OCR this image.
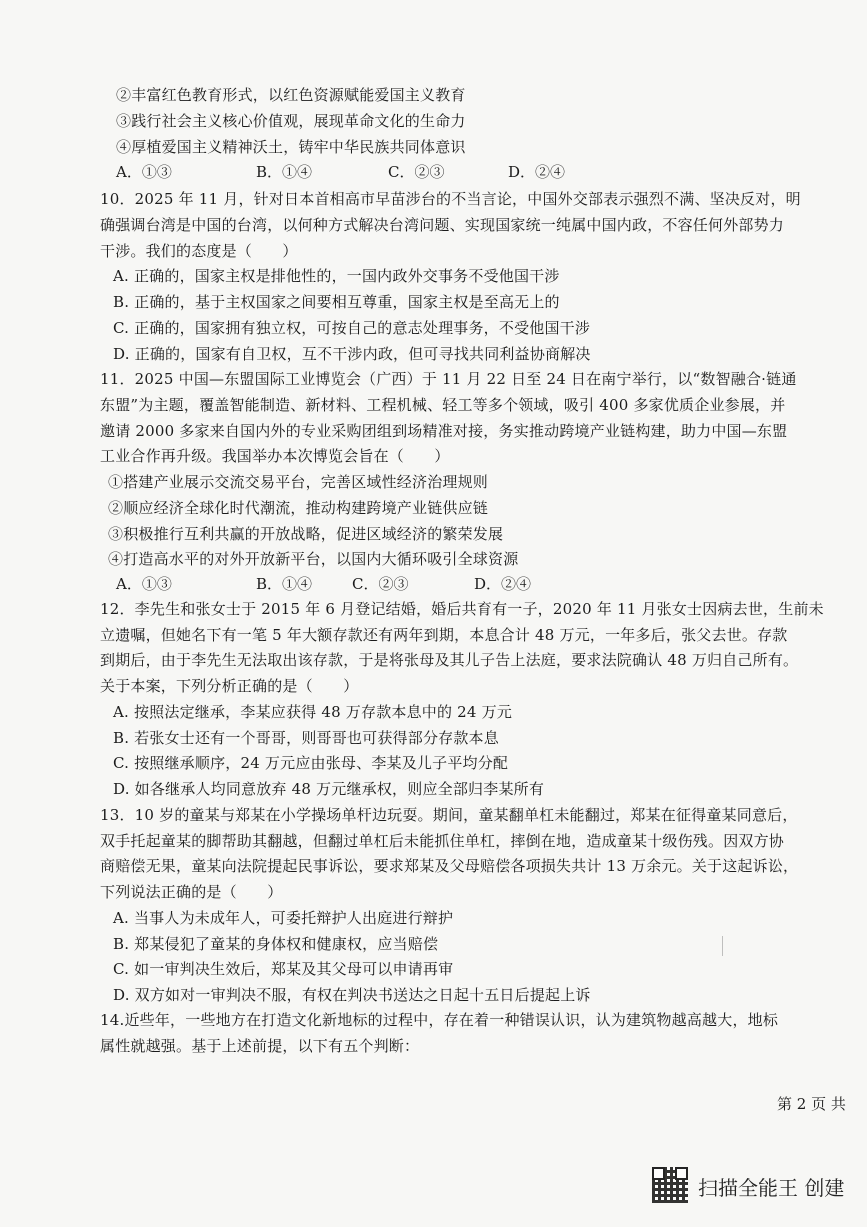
②丰富红色教育形式，以红色资源赋能爱国主义教育
③践行社会主义核心价值观，展现革命文化的生命力
④厚植爱国主义精神沃土，铸牢中华民族共同体意识
A．①③	B．①④	C．②③	D．②④
10．2025 年 11 月，针对日本首相高市早苗涉台的不当言论，中国外交部表示强烈不满、坚决反对，明
确强调台湾是中国的台湾，以何种方式解决台湾问题、实现国家统一纯属中国内政，不容任何外部势力
干涉。我们的态度是（　　）
A. 正确的，国家主权是排他性的，一国内政外交事务不受他国干涉
B. 正确的，基于主权国家之间要相互尊重，国家主权是至高无上的
C. 正确的，国家拥有独立权，可按自己的意志处理事务，不受他国干涉
D. 正确的，国家有自卫权，互不干涉内政，但可寻找共同利益协商解决
11．2025 中国—东盟国际工业博览会（广西）于 11 月 22 日至 24 日在南宁举行，以“数智融合·链通
东盟”为主题，覆盖智能制造、新材料、工程机械、轻工等多个领域，吸引 400 多家优质企业参展，并
邀请 2000 多家来自国内外的专业采购团组到场精准对接，务实推动跨境产业链构建，助力中国—东盟
工业合作再升级。我国举办本次博览会旨在（　　）
①搭建产业展示交流交易平台，完善区域性经济治理规则
②顺应经济全球化时代潮流，推动构建跨境产业链供应链
③积极推行互利共赢的开放战略，促进区域经济的繁荣发展
④打造高水平的对外开放新平台，以国内大循环吸引全球资源
A．①③	B．①④	C．②③	D．②④
12．李先生和张女士于 2015 年 6 月登记结婚，婚后共育有一子，2020 年 11 月张女士因病去世，生前未
立遗嘱，但她名下有一笔 5 年大额存款还有两年到期，本息合计 48 万元，一年多后，张父去世。存款
到期后，由于李先生无法取出该存款，于是将张母及其儿子告上法庭，要求法院确认 48 万归自己所有。
关于本案，下列分析正确的是（　　）
A. 按照法定继承，李某应获得 48 万存款本息中的 24 万元
B. 若张女士还有一个哥哥，则哥哥也可获得部分存款本息
C. 按照继承顺序，24 万元应由张母、李某及儿子平均分配
D. 如各继承人均同意放弃 48 万元继承权，则应全部归李某所有
13．10 岁的童某与郑某在小学操场单杆边玩耍。期间，童某翻单杠未能翻过，郑某在征得童某同意后，
双手托起童某的脚帮助其翻越，但翻过单杠后未能抓住单杠，摔倒在地，造成童某十级伤残。因双方协
商赔偿无果，童某向法院提起民事诉讼，要求郑某及父母赔偿各项损失共计 13 万余元。关于这起诉讼，
下列说法正确的是（　　）
A. 当事人为未成年人，可委托辩护人出庭进行辩护
B. 郑某侵犯了童某的身体权和健康权，应当赔偿
C. 如一审判决生效后，郑某及其父母可以申请再审
D. 双方如对一审判决不服，有权在判决书送达之日起十五日后提起上诉
14.近些年，一些地方在打造文化新地标的过程中，存在着一种错误认识，认为建筑物越高越大，地标
属性就越强。基于上述前提，以下有五个判断：
第 2 页 共
扫描全能王 创建
